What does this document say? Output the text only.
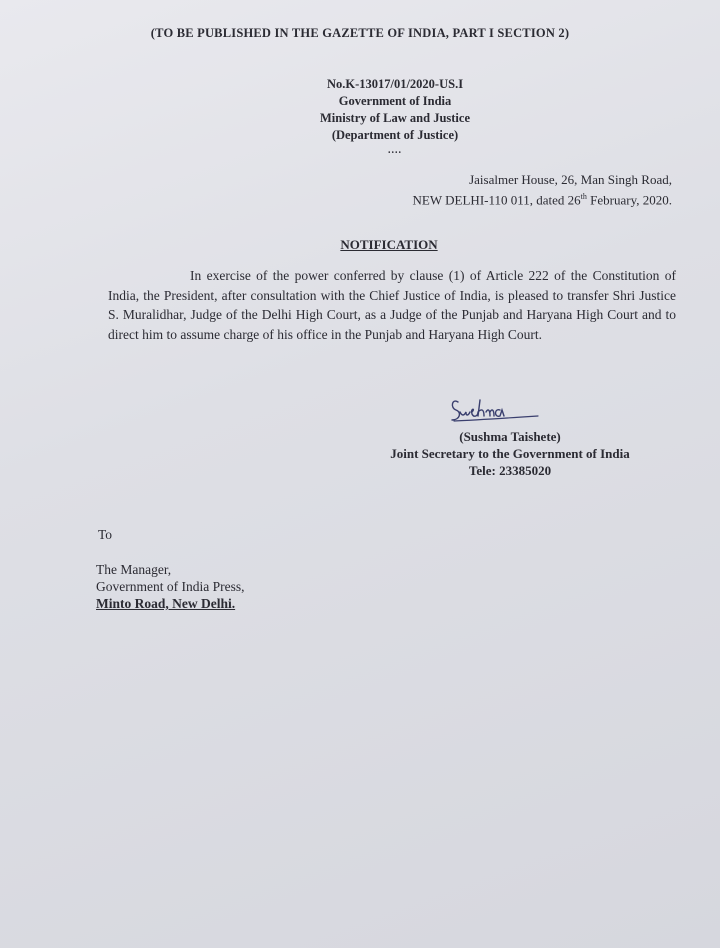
(TO BE PUBLISHED IN THE GAZETTE OF INDIA, PART I SECTION 2)
No.K-13017/01/2020-US.I
Government of India
Ministry of Law and Justice
(Department of Justice)
....
Jaisalmer House, 26, Man Singh Road,
NEW DELHI-110 011, dated 26th February, 2020.
NOTIFICATION
In exercise of the power conferred by clause (1) of Article 222 of the Constitution of India, the President, after consultation with the Chief Justice of India, is pleased to transfer Shri Justice S. Muralidhar, Judge of the Delhi High Court, as a Judge of the Punjab and Haryana High Court and to direct him to assume charge of his office in the Punjab and Haryana High Court.
(Sushma Taishete)
Joint Secretary to the Government of India
Tele: 23385020
To
The Manager,
Government of India Press,
Minto Road, New Delhi.
